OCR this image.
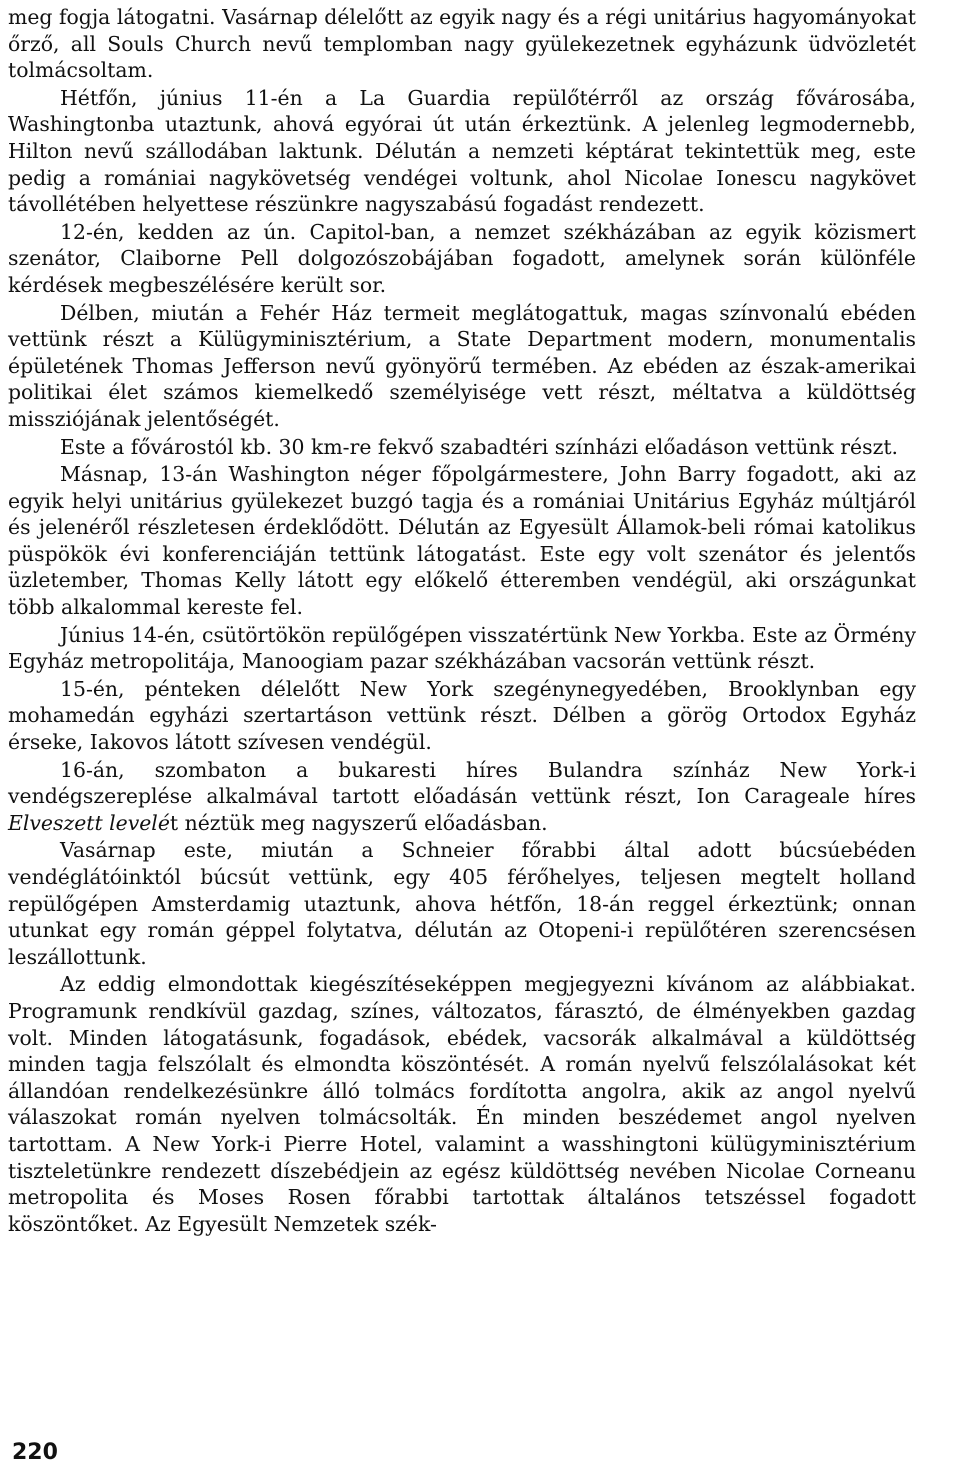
meg fogja látogatni. Vasárnap délelőtt az egyik nagy és a régi unitárius hagyományokat őrző, all Souls Church nevű templomban nagy gyülekezetnek egyházunk üdvözletét tolmácsoltam.

Hétfőn, június 11-én a La Guardia repülőtérről az ország fővárosába, Washingtonba utaztunk, ahová egyórai út után érkeztünk. A jelenleg legmodernebb, Hilton nevű szállodában laktunk. Délután a nemzeti képtárat tekintettük meg, este pedig a romániai nagykövetség vendégei voltunk, ahol Nicolae Ionescu nagykövet távollétében helyettese részünkre nagyszabású fogadást rendezett.

12-én, kedden az ún. Capitol-ban, a nemzet székházában az egyik közismert szenátor, Claiborne Pell dolgozószobájában fogadott, amelynek során különféle kérdések megbeszélésére került sor.

Délben, miután a Fehér Ház termeit meglátogattuk, magas színvonalú ebéden vettünk részt a Külügyminisztérium, a State Department modern, monumentalis épületének Thomas Jefferson nevű gyönyörű termében. Az ebéden az észak-amerikai politikai élet számos kiemelkedő személyisége vett részt, méltatva a küldöttség missziójának jelentőségét.

Este a fővárostól kb. 30 km-re fekvő szabadtéri színházi előadáson vettünk részt.

Másnap, 13-án Washington néger főpolgármestere, John Barry fogadott, aki az egyik helyi unitárius gyülekezet buzgó tagja és a romániai Unitárius Egyház múltjáról és jelenéről részletesen érdeklődött. Délután az Egyesült Államok-beli római katolikus püspökök évi konferenciáján tettünk látogatást. Este egy volt szenátor és jelentős üzletember, Thomas Kelly látott egy előkelő étteremben vendégül, aki országunkat több alkalommal kereste fel.

Június 14-én, csütörtökön repülőgépen visszatértünk New Yorkba. Este az Örmény Egyház metropolitája, Manoogiam pazar székházában vacsorán vettünk részt.

15-én, pénteken délelőtt New York szegénynegyedében, Brooklynban egy mohamedán egyházi szertartáson vettünk részt. Délben a görög Ortodox Egyház érseke, Iakovos látott szívesen vendégül.

16-án, szombaton a bukaresti híres Bulandra színház New York-i vendégszereplése alkalmával tartott előadásán vettünk részt, Ion Carageale híres Elveszett levelét néztük meg nagyszerű előadásban.

Vasárnap este, miután a Schneier főrabbi által adott búcsúebéden vendéglátóinktól búcsút vettünk, egy 405 férőhelyes, teljesen megtelt holland repülőgépen Amsterdamig utaztunk, ahova hétfőn, 18-án reggel érkeztünk; onnan utunkat egy román géppel folytatva, délután az Otopeni-i repülőtéren szerencsésen leszállottunk.

Az eddig elmondottak kiegészítéseképpen megjegyezni kívánom az alábbiakat. Programunk rendkívül gazdag, színes, változatos, fárasztó, de élményekben gazdag volt. Minden látogatásunk, fogadások, ebédek, vacsorák alkalmával a küldöttség minden tagja felszólalt és elmondta köszöntését. A román nyelvű felszólalásokat két állandóan rendelkezésünkre álló tolmács fordította angolra, akik az angol nyelvű válaszokat román nyelven tolmácsolták. Én minden beszédemet angol nyelven tartottam. A New York-i Pierre Hotel, valamint a wasshingtoni külügyminisztérium tiszteletünkre rendezett díszebédjein az egész küldöttség nevében Nicolae Corneanu metropolita és Moses Rosen főrabbi tartottak általános tetszéssel fogadott köszöntőket. Az Egyesült Nemzetek szék-

220
